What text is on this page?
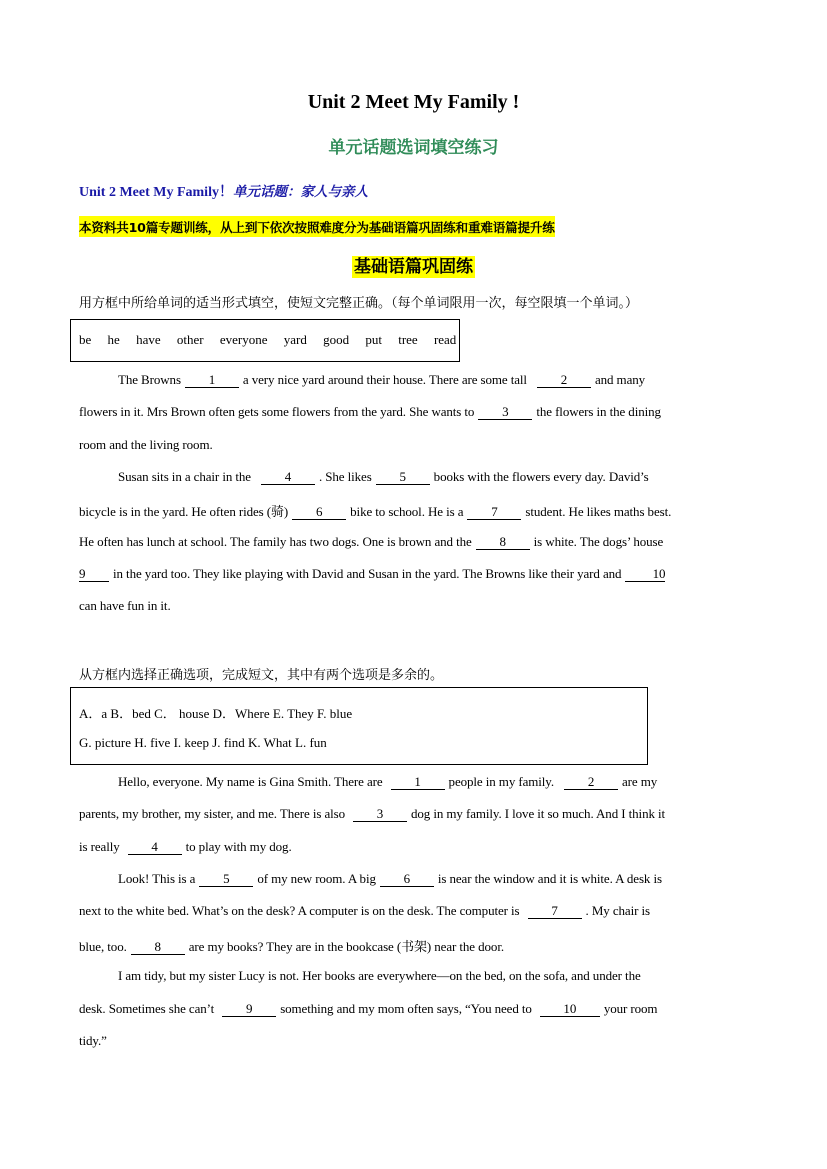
Unit 2 Meet My Family !
单元话题选词填空练习
Unit 2 Meet My Family！单元话题：家人与亲人
本资料共10篇专题训练，从上到下依次按照难度分为基础语篇巩固练和重难语篇提升练
基础语篇巩固练
用方框中所给单词的适当形式填空，使短文完整正确。（每个单词限用一次，每空限填一个单词。）
be he have other everyone yard good put tree read
The Browns 1 a very nice yard around their house. There are some tall	2 and many
flowers in it. Mrs Brown often gets some flowers from the yard. She wants to 3 the flowers in the dining
room and the living room.
Susan sits in a chair in the	4 . She likes 5 books with the flowers every day. David’s
bicycle is in the yard. He often rides (骑) 6 bike to school. He is a 7 student. He likes maths best.
He often has lunch at school. The family has two dogs. One is brown and the 8 is white. The dogs’ house
9 in the yard too. They like playing with David and Susan in the yard. The Browns like their yard and 10
can have fun in it.
从方框内选择正确选项，完成短文，其中有两个选项是多余的。
A．a B．bed C． house D．Where E. They F. blue
G. picture H. five I. keep J. find K. What L. fun
Hello, everyone. My name is Gina Smith. There are 1 people in my family.	2 are my
parents, my brother, my sister, and me. There is also 3 dog in my family. I love it so much. And I think it
is really 4 to play with my dog.
Look! This is a 5 of my new room. A big 6 is near the window and it is white. A desk is
next to the white bed. What’s on the desk? A computer is on the desk. The computer is 7 . My chair is
blue, too. 8 are my books? They are in the bookcase (书架) near the door.
I am tidy, but my sister Lucy is not. Her books are everywhere—on the bed, on the sofa, and under the
desk. Sometimes she can’t 9 something and my mom often says, “You need to 10 your room
tidy.”
